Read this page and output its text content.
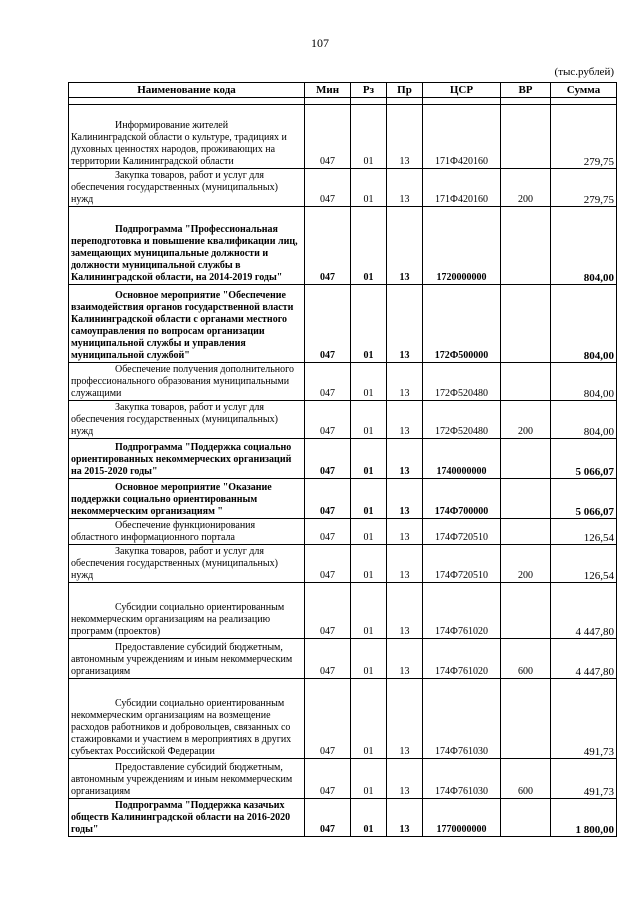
107
(тыс.рублей)
Наименование кода	Мин	Рз	Пр	ЦСР	ВР	Сумма

Информирование жителей Калининградской области о культуре, традициях и духовных ценностях народов, проживающих на территории Калининградской области	047	01	13	171Ф420160		279,75

Закупка товаров, работ и услуг для обеспечения государственных (муниципальных) нужд	047	01	13	171Ф420160	200	279,75

Подпрограмма "Профессиональная переподготовка и повышение квалификации лиц, замещающих муниципальные должности и должности муниципальной службы в Калининградской области, на 2014-2019 годы"	047	01	13	1720000000		804,00

Основное мероприятие "Обеспечение взаимодействия органов государственной власти Калининградской области с органами местного самоуправления по вопросам организации муниципальной службы и управления муниципальной службой"	047	01	13	172Ф500000		804,00

Обеспечение получения дополнительного профессионального образования муниципальными служащими	047	01	13	172Ф520480		804,00

Закупка товаров, работ и услуг для обеспечения государственных (муниципальных) нужд	047	01	13	172Ф520480	200	804,00

Подпрограмма "Поддержка социально ориентированных некоммерческих организаций на 2015-2020 годы"	047	01	13	1740000000		5 066,07

Основное мероприятие "Оказание поддержки социально ориентированным некоммерческим организациям "	047	01	13	174Ф700000		5 066,07

Обеспечение функционирования областного информационного портала	047	01	13	174Ф720510		126,54

Закупка товаров, работ и услуг для обеспечения государственных (муниципальных) нужд	047	01	13	174Ф720510	200	126,54

Субсидии социально ориентированным некоммерческим организациям на реализацию программ (проектов)	047	01	13	174Ф761020		4 447,80

Предоставление субсидий бюджетным, автономным учреждениям и иным некоммерческим организациям	047	01	13	174Ф761020	600	4 447,80

Субсидии социально ориентированным некоммерческим организациям на возмещение расходов работников и добровольцев, связанных со стажировками и участием в мероприятиях в других субъектах Российской Федерации	047	01	13	174Ф761030		491,73

Предоставление субсидий бюджетным, автономным учреждениям и иным некоммерческим организациям	047	01	13	174Ф761030	600	491,73

Подпрограмма "Поддержка казачьих обществ Калининградской области на 2016-2020 годы"	047	01	13	1770000000		1 800,00
